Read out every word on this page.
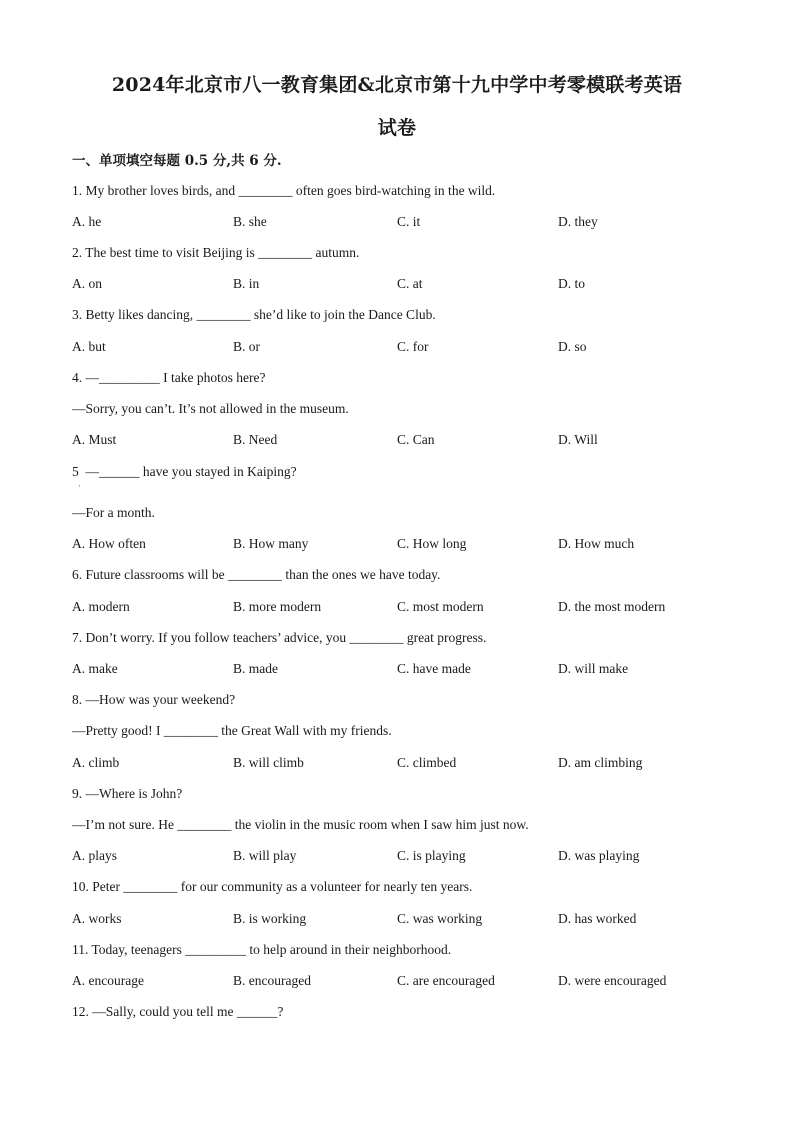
2024年北京市八一教育集团&北京市第十九中学中考零模联考英语
试卷
一、单项填空每题 0.5 分,共 6 分.
1. My brother loves birds, and ________ often goes bird-watching in the wild.
A. he	B. she	C. it	D. they
2. The best time to visit Beijing is ________ autumn.
A. on	B. in	C. at	D. to
3. Betty likes dancing, ________ she’d like to join the Dance Club.
A. but	B. or	C. for	D. so
4. —_________ I take photos here?
—Sorry, you can’t. It’s not allowed in the museum.
A. Must	B. Need	C. Can	D. Will
5  —______ have you stayed in Kaiping?
·
—For a month.
A. How often	B. How many	C. How long	D. How much
6. Future classrooms will be ________ than the ones we have today.
A. modern	B. more modern	C. most modern	D. the most modern
7. Don’t worry. If you follow teachers’ advice, you ________ great progress.
A. make	B. made	C. have made	D. will make
8. —How was your weekend?
—Pretty good! I ________ the Great Wall with my friends.
A. climb	B. will climb	C. climbed	D. am climbing
9. —Where is John?
—I’m not sure. He ________ the violin in the music room when I saw him just now.
A. plays	B. will play	C. is playing	D. was playing
10. Peter ________ for our community as a volunteer for nearly ten years.
A. works	B. is working	C. was working	D. has worked
11. Today, teenagers _________ to help around in their neighborhood.
A. encourage	B. encouraged	C. are encouraged	D. were encouraged
12. —Sally, could you tell me ______?
